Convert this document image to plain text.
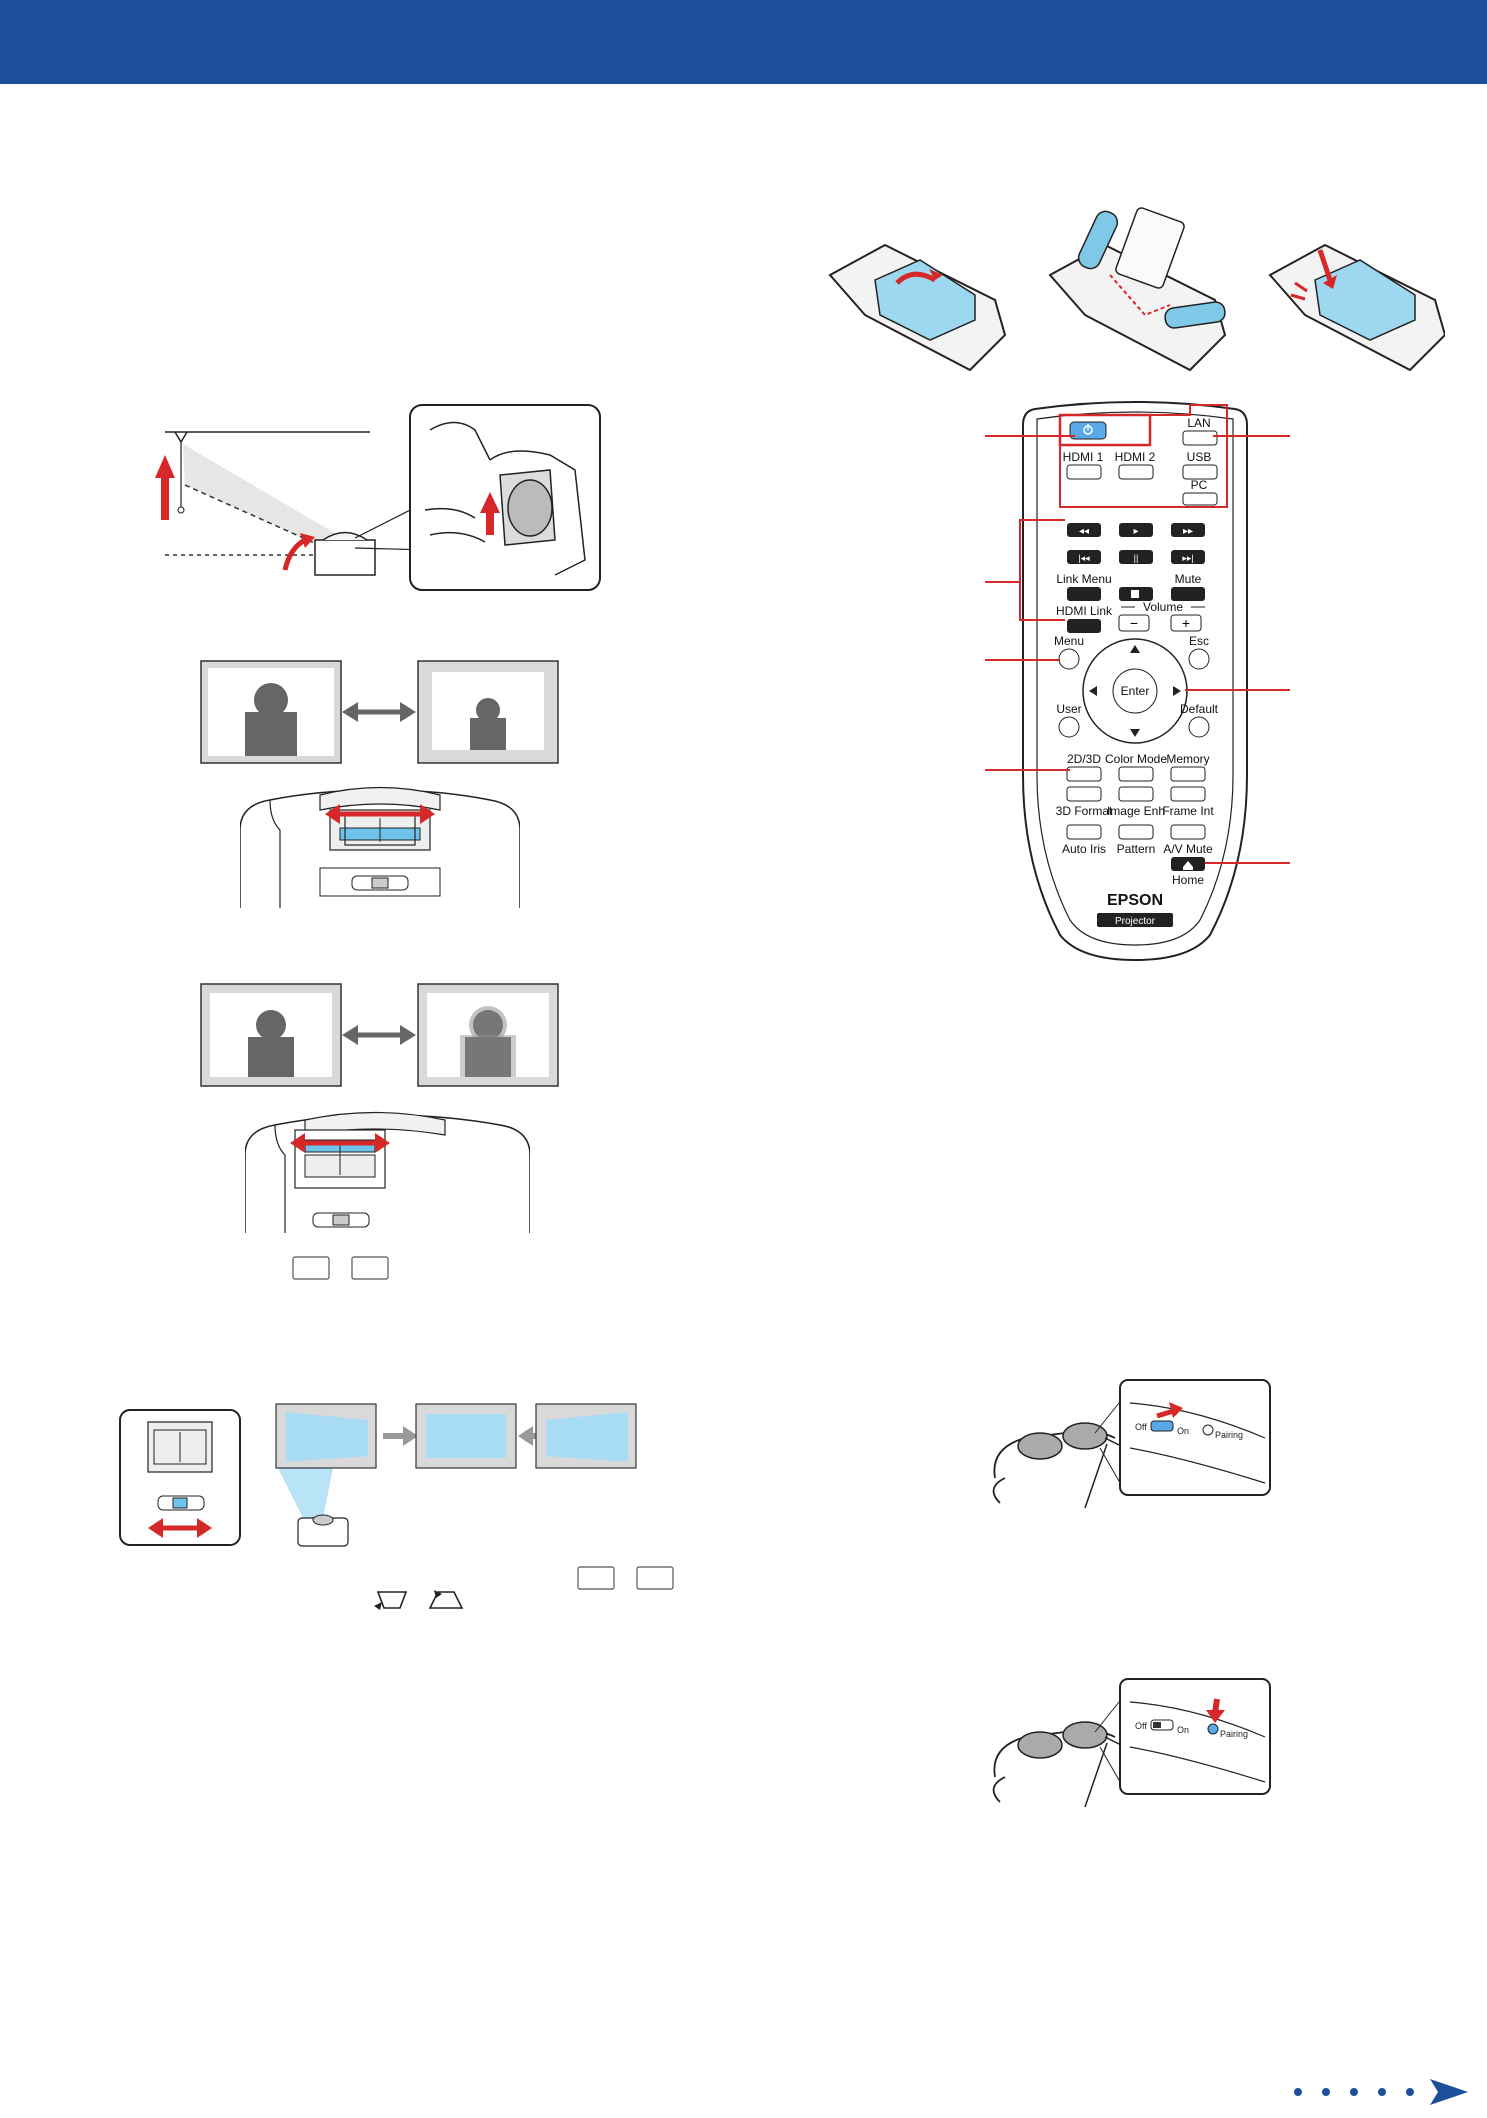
LAN
HDMI 1 HDMI 2	USB
PC
◂◂	▸	▸▸
|◂◂	||	▸▸|
Link Menu	Mute
HDMI Link	Volume
−	+
Menu	Esc
Enter
User	Default
2D/3D Color Mode Memory
3D Format
Image Enh
Frame Int
Auto Iris Pattern A/V Mute
Home
EPSON
Projector
Off	On	Pairing
Off	On	Pairing
